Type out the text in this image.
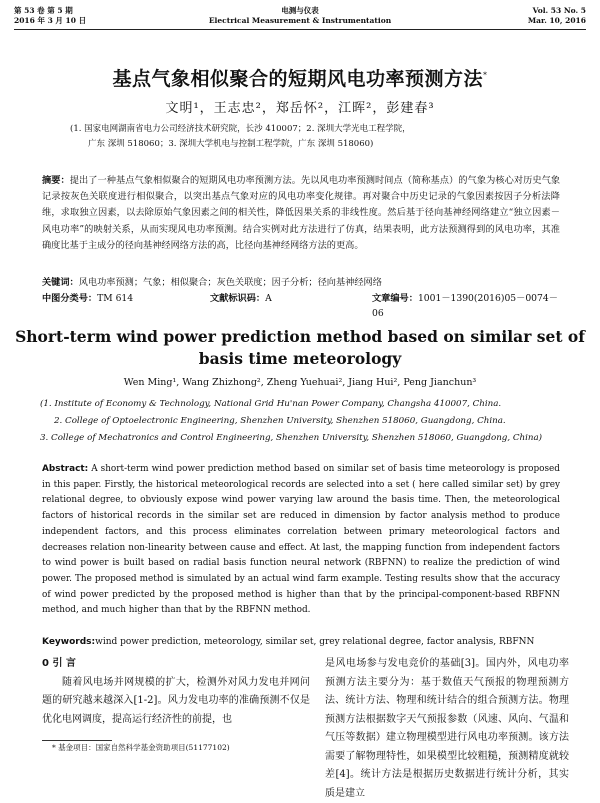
第 53 卷 第 5 期
2016 年 3 月 10 日
电测与仪表
Electrical Measurement & Instrumentation
Vol. 53 No. 5
Mar. 10, 2016
基点气象相似聚合的短期风电功率预测方法*
文明¹，王志忠²，郑岳怀²，江晖²，彭建春³
(1. 国家电网湖南省电力公司经济技术研究院，长沙 410007；2. 深圳大学光电工程学院，
广东 深圳 518060；3. 深圳大学机电与控制工程学院，广东 深圳 518060)
摘要：提出了一种基点气象相似聚合的短期风电功率预测方法。先以风电功率预测时间点（简称基点）的气象为核心对历史气象记录按灰色关联度进行相似聚合，以突出基点气象对应的风电功率变化规律。再对聚合中历史记录的气象因素按因子分析法降维，求取独立因素，以去除原始气象因素之间的相关性，降低因果关系的非线性度。然后基于径向基神经网络建立“独立因素－风电功率”的映射关系，从而实现风电功率预测。结合实例对此方法进行了仿真，结果表明，此方法预测得到的风电功率，其准确度比基于主成分的径向基神经网络方法的高，比径向基神经网络方法的更高。
关键词：风电功率预测；气象；相似聚合；灰色关联度；因子分析；径向基神经网络
中图分类号：TM 614	文献标识码：A	文章编号：1001－1390(2016)05－0074－06
Short-term wind power prediction method based on similar set of basis time meteorology
Wen Ming¹, Wang Zhizhong², Zheng Yuehuai², Jiang Hui², Peng Jianchun³
(1. Institute of Economy & Technology, National Grid Hu'nan Power Company, Changsha 410007, China.
2. College of Optoelectronic Engineering, Shenzhen University, Shenzhen 518060, Guangdong, China.
3. College of Mechatronics and Control Engineering, Shenzhen University, Shenzhen 518060, Guangdong, China)
Abstract: A short-term wind power prediction method based on similar set of basis time meteorology is proposed in this paper. Firstly, the historical meteorological records are selected into a set ( here called similar set) by grey relational degree, to obviously expose wind power varying law around the basis time. Then, the meteorological factors of historical records in the similar set are reduced in dimension by factor analysis method to produce independent factors, and this process eliminates correlation between primary meteorological factors and decreases relation non-linearity between cause and effect. At last, the mapping function from independent factors to wind power is built based on radial basis function neural network (RBFNN) to realize the prediction of wind power. The proposed method is simulated by an actual wind farm example. Testing results show that the accuracy of wind power predicted by the proposed method is higher than that by the principal-component-based RBFNN method, and much higher than that by the RBFNN method.
Keywords:wind power prediction, meteorology, similar set, grey relational degree, factor analysis, RBFNN
0 引 言
随着风电场并网规模的扩大，检测外对风力发电并网问题的研究越来越深入[1-2]。风力发电功率的准确预测不仅是优化电网调度，提高运行经济性的前提，也
是风电场参与发电竞价的基础[3]。国内外，风电功率预测方法主要分为：基于数值天气预报的物理预测方法、统计方法、物理和统计结合的组合预测方法。物理预测方法根据数字天气预报参数（风速、风向、气温和气压等数据）建立物理模型进行风电功率预测。该方法需要了解物理特性，如果模型比较粗糙，预测精度就较差[4]。统计方法是根据历史数据进行统计分析，其实质是建立
* 基金项目：国家自然科学基金资助项目(51177102)
